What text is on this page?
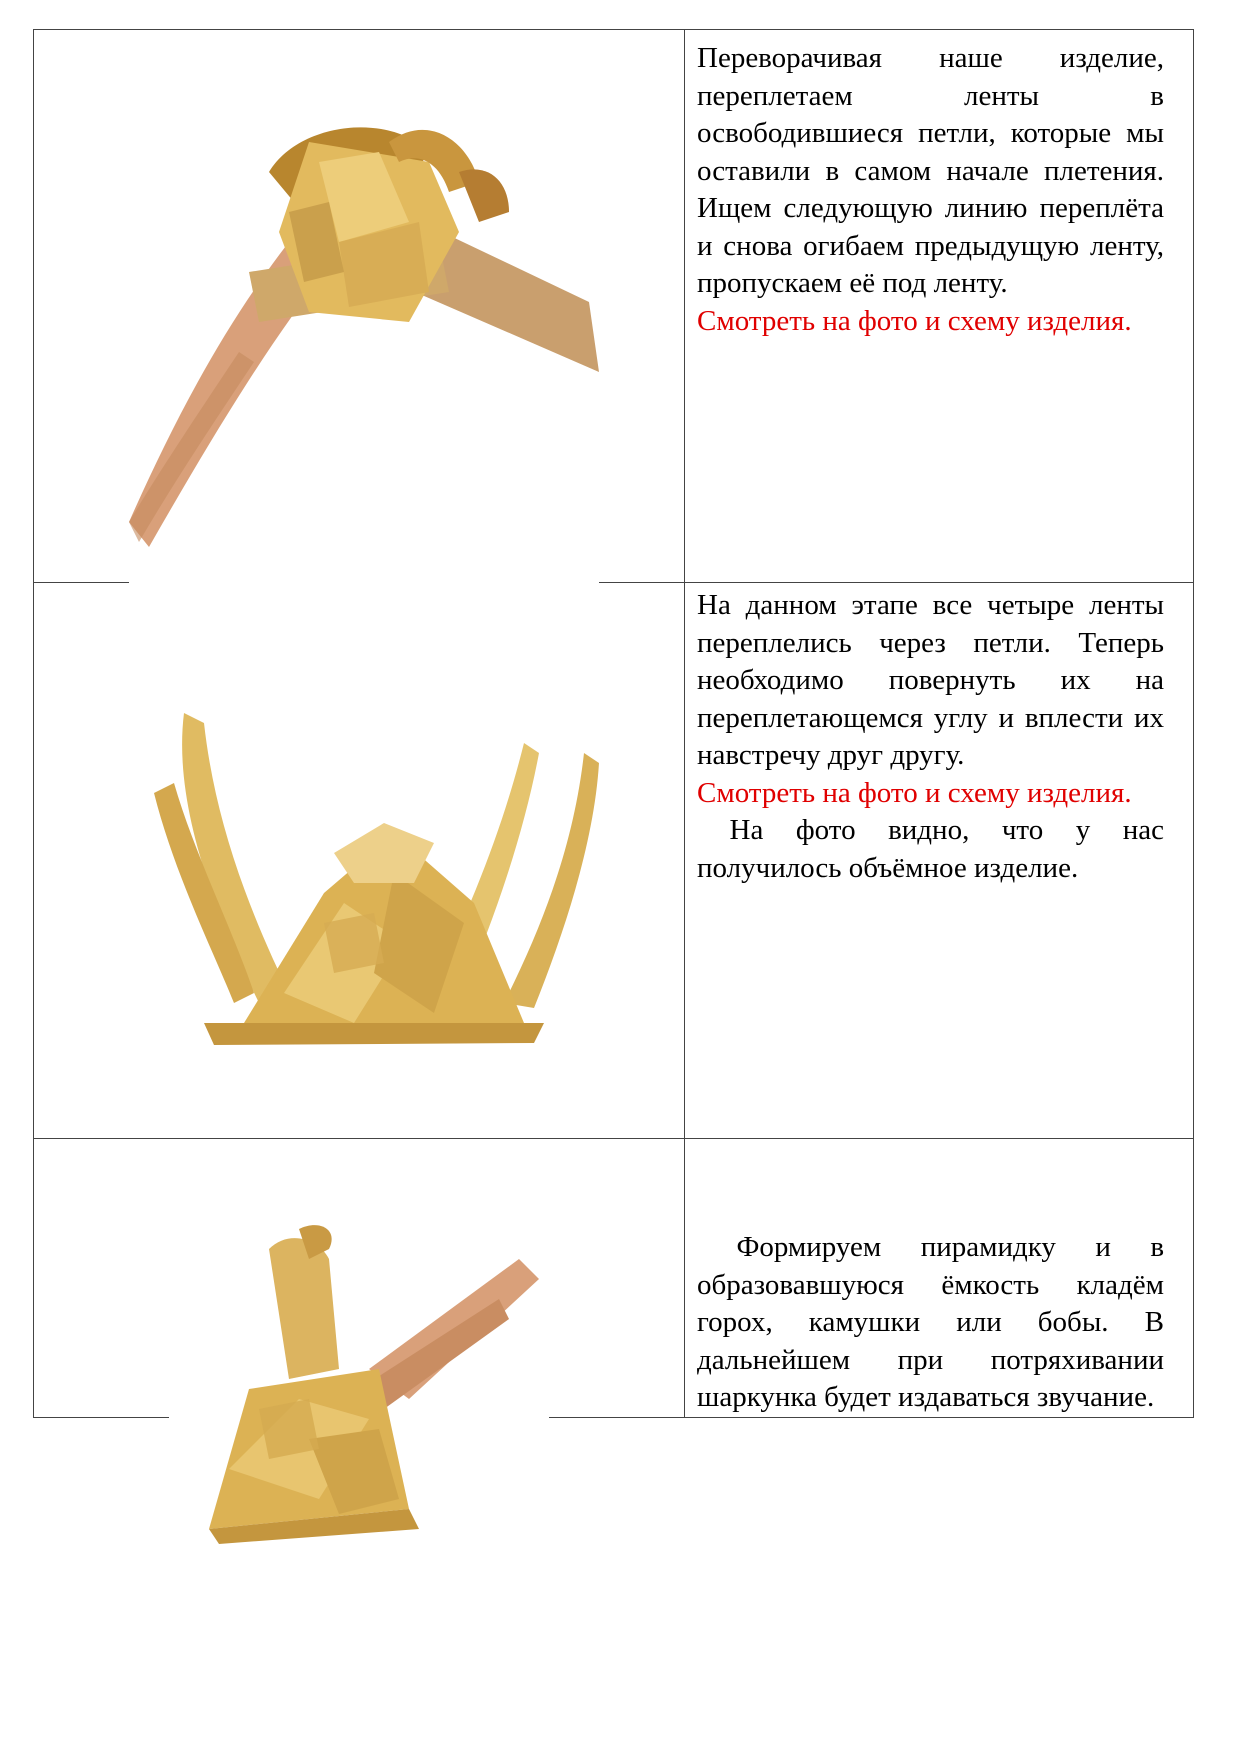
Переворачивая наше изделие, переплетаем ленты в освободившиеся петли, которые мы оставили в самом начале плетения. Ищем следующую линию переплёта и снова огибаем предыдущую ленту, пропускаем её под ленту.

Смотреть на фото и схему изделия.

На данном этапе все четыре ленты переплелись через петли. Теперь необходимо повернуть их на переплетающемся углу и вплести их навстречу друг другу.

Смотреть на фото и схему изделия.

На фото видно, что у нас получилось объёмное изделие.

Формируем пирамидку и в образовавшуюся ёмкость кладём горох, камушки или бобы. В дальнейшем при потряхивании шаркунка будет издаваться звучание.
